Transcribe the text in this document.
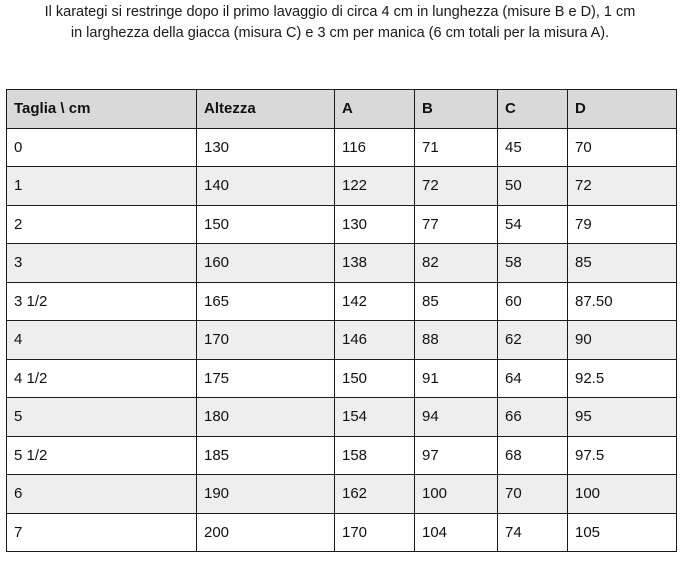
Il karategi si restringe dopo il primo lavaggio di circa 4 cm in lunghezza (misure B e D), 1 cm

in larghezza della giacca (misura C) e 3 cm per manica (6 cm totali per la misura A).

Taglia \ cm	Altezza	A	B	C	D
0	130	116	71	45	70
1	140	122	72	50	72
2	150	130	77	54	79
3	160	138	82	58	85
3 1/2	165	142	85	60	87.50
4	170	146	88	62	90
4 1/2	175	150	91	64	92.5
5	180	154	94	66	95
5 1/2	185	158	97	68	97.5
6	190	162	100	70	100
7	200	170	104	74	105
